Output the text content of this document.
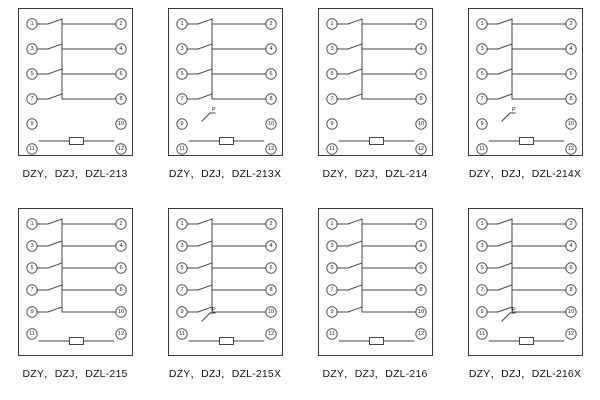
1	2
3	4
5	6
7	8
9	10
11	12
DZY，DZJ，DZL-213
1	2
3	4
5	6
7	8
9	10
11	12
P
DZY，DZJ，DZL-213X
1	2
3	4
5	6
7	8
9	10
11	12
DZY，DZJ，DZL-214
1	2
3	4
5	6
7	8
9	10
11	12
P
DZY，DZJ，DZL-214X
1	2
3	4
5	6
7	8
9	10
11	12
DZY，DZJ，DZL-215
1	2
3	4
5	6
7	8
9	10
11	12
P
DZY，DZJ，DZL-215X
1	2
3	4
5	6
7	8
9	10
11	12
DZY，DZJ，DZL-216
1	2
3	4
5	6
7	8
9	10
11	12
P
DZY，DZJ，DZL-216X
